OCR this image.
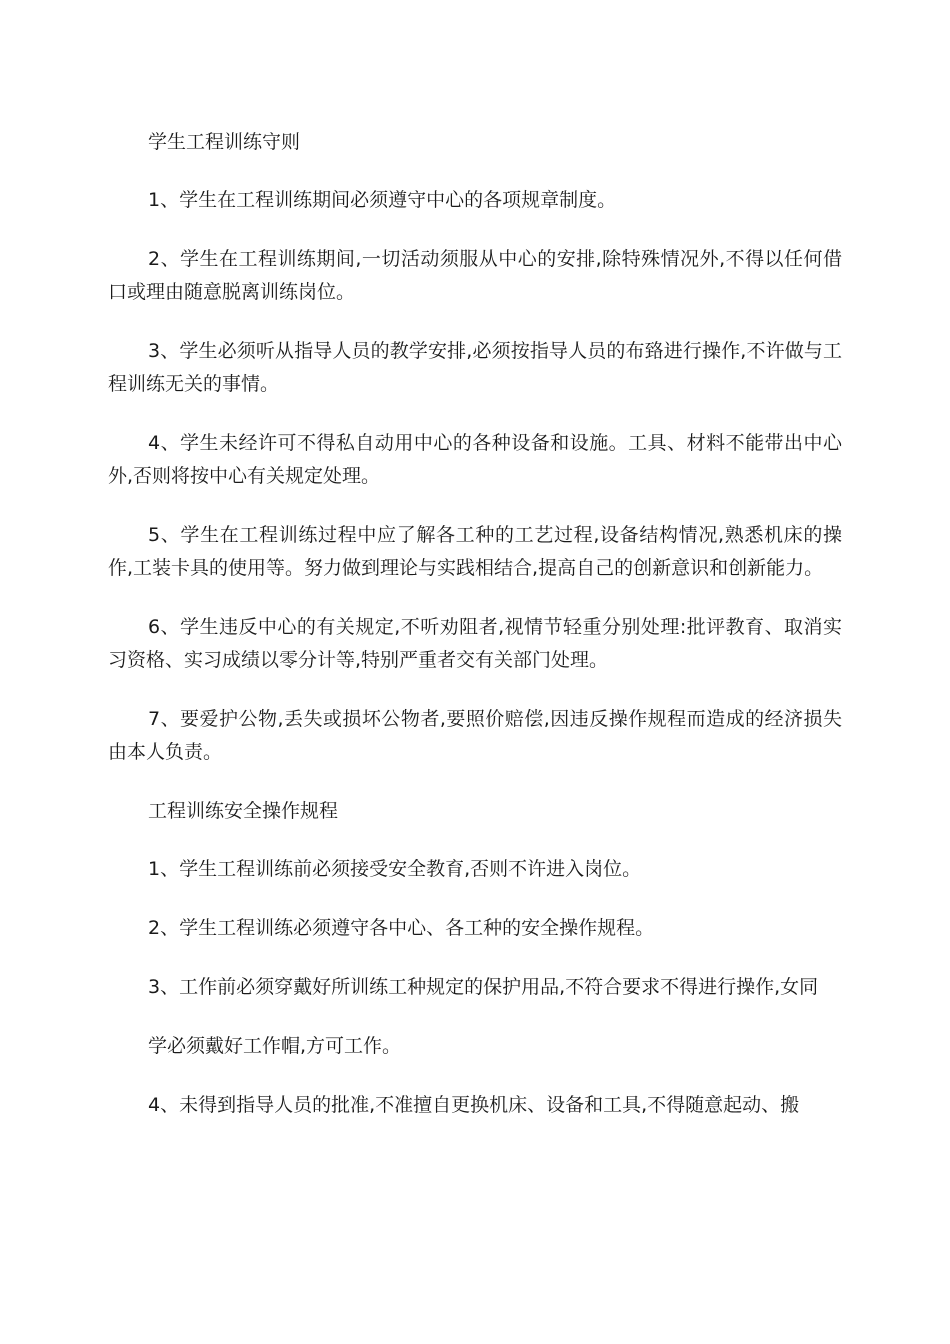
学生工程训练守则

1、学生在工程训练期间必须遵守中心的各项规章制度。

2、学生在工程训练期间,一切活动须服从中心的安排,除特殊情况外,不得以任何借口或理由随意脱离训练岗位。

3、学生必须听从指导人员的教学安排,必须按指导人员的布臵进行操作,不许做与工程训练无关的事情。

4、学生未经许可不得私自动用中心的各种设备和设施。工具、材料不能带出中心外,否则将按中心有关规定处理。

5、学生在工程训练过程中应了解各工种的工艺过程,设备结构情况,熟悉机床的操作,工装卡具的使用等。努力做到理论与实践相结合,提高自己的创新意识和创新能力。

6、学生违反中心的有关规定,不听劝阻者,视情节轻重分别处理:批评教育、取消实习资格、实习成绩以零分计等,特别严重者交有关部门处理。

7、要爱护公物,丢失或损坏公物者,要照价赔偿,因违反操作规程而造成的经济损失由本人负责。

工程训练安全操作规程

1、学生工程训练前必须接受安全教育,否则不许进入岗位。

2、学生工程训练必须遵守各中心、各工种的安全操作规程。

3、工作前必须穿戴好所训练工种规定的保护用品,不符合要求不得进行操作,女同

学必须戴好工作帽,方可工作。

4、未得到指导人员的批准,不准擅自更换机床、设备和工具,不得随意起动、搬
